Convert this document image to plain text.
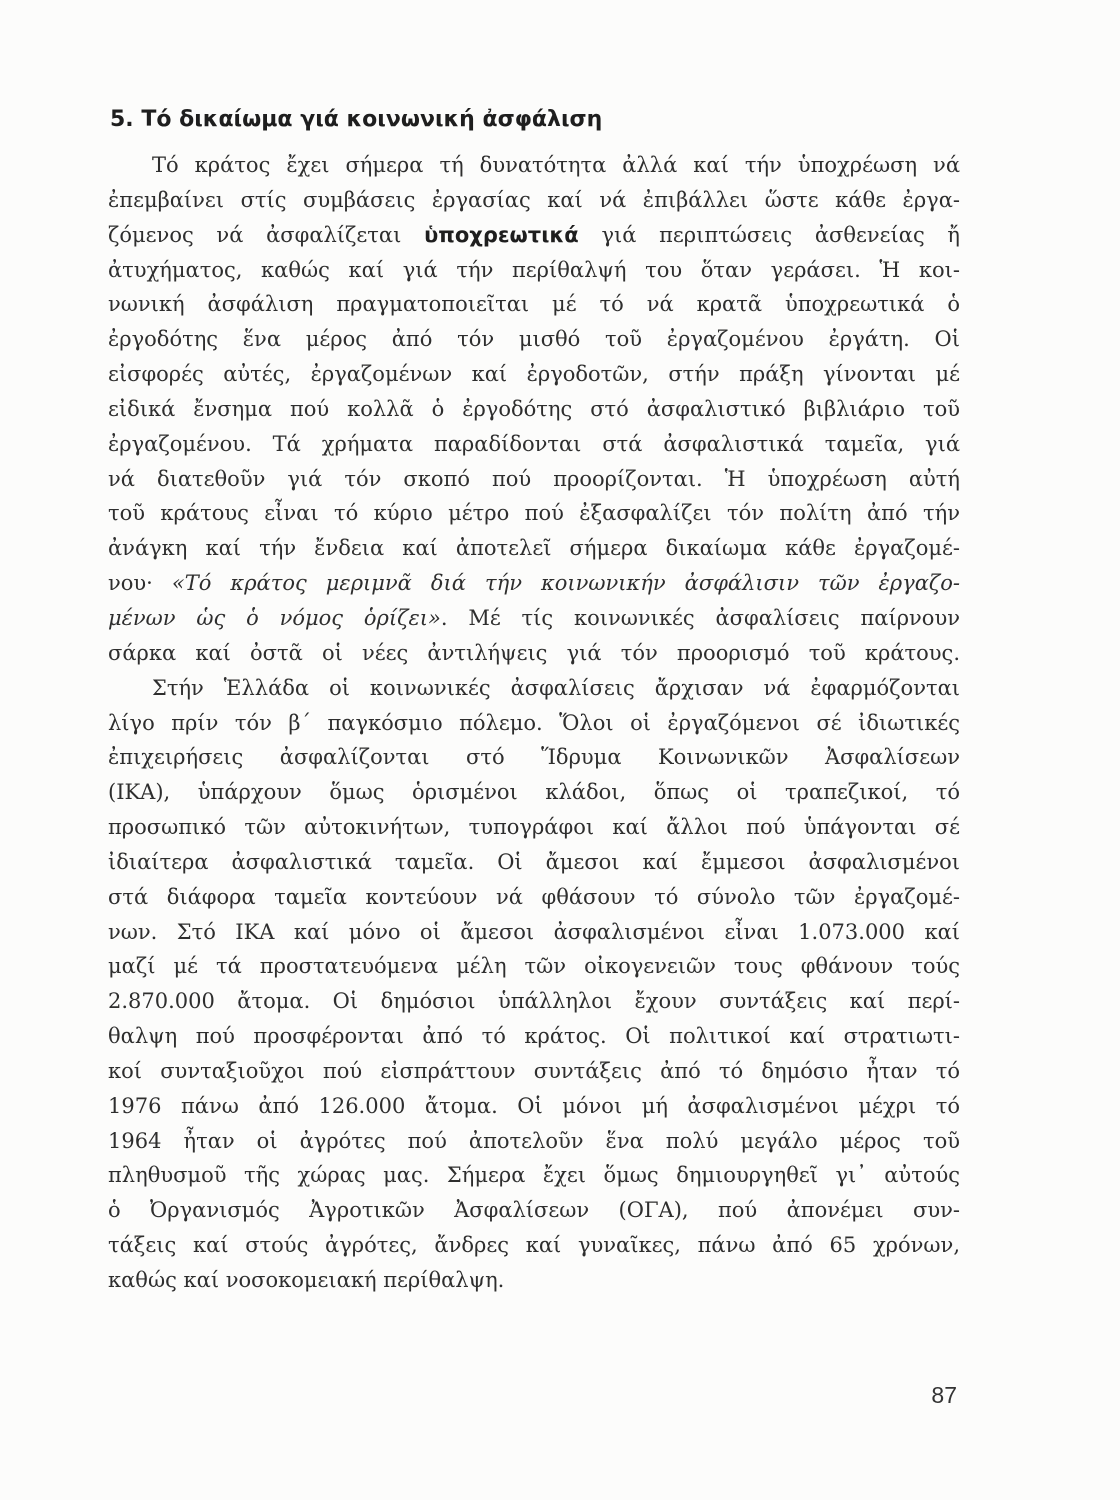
5. Τό δικαίωμα γιά κοινωνική ἀσφάλιση
Τό κράτος ἔχει σήμερα τή δυνατότητα ἀλλά καί τήν ὑποχρέωση νά
ἐπεμβαίνει στίς συμβάσεις ἐργασίας καί νά ἐπιβάλλει ὥστε κάθε ἐργα-
ζόμενος νά ἀσφαλίζεται ὑποχρεωτικά γιά περιπτώσεις ἀσθενείας ἤ
ἀτυχήματος, καθώς καί γιά τήν περίθαλψή του ὅταν γεράσει. Ἡ κοι-
νωνική ἀσφάλιση πραγματοποιεῖται μέ τό νά κρατᾶ ὑποχρεωτικά ὁ
ἐργοδότης ἕνα μέρος ἀπό τόν μισθό τοῦ ἐργαζομένου ἐργάτη. Οἱ
εἰσφορές αὐτές, ἐργαζομένων καί ἐργοδοτῶν, στήν πράξη γίνονται μέ
εἰδικά ἔνσημα πού κολλᾶ ὁ ἐργοδότης στό ἀσφαλιστικό βιβλιάριο τοῦ
ἐργαζομένου. Τά χρήματα παραδίδονται στά ἀσφαλιστικά ταμεῖα, γιά
νά διατεθοῦν γιά τόν σκοπό πού προορίζονται. Ἡ ὑποχρέωση αὐτή
τοῦ κράτους εἶναι τό κύριο μέτρο πού ἐξασφαλίζει τόν πολίτη ἀπό τήν
ἀνάγκη καί τήν ἔνδεια καί ἀποτελεῖ σήμερα δικαίωμα κάθε ἐργαζομέ-
νου· «Τό κράτος μεριμνᾶ διά τήν κοινωνικήν ἀσφάλισιν τῶν ἐργαζο-
μένων ὡς ὁ νόμος ὁρίζει». Μέ τίς κοινωνικές ἀσφαλίσεις παίρνουν
σάρκα καί ὀστᾶ οἱ νέες ἀντιλήψεις γιά τόν προορισμό τοῦ κράτους.
Στήν Ἑλλάδα οἱ κοινωνικές ἀσφαλίσεις ἄρχισαν νά ἐφαρμόζονται
λίγο πρίν τόν β΄ παγκόσμιο πόλεμο. Ὅλοι οἱ ἐργαζόμενοι σέ ἰδιωτικές
ἐπιχειρήσεις ἀσφαλίζονται στό Ἵδρυμα Κοινωνικῶν Ἀσφαλίσεων
(ΙΚΑ), ὑπάρχουν ὅμως ὁρισμένοι κλάδοι, ὅπως οἱ τραπεζικοί, τό
προσωπικό τῶν αὐτοκινήτων, τυπογράφοι καί ἄλλοι πού ὑπάγονται σέ
ἰδιαίτερα ἀσφαλιστικά ταμεῖα. Οἱ ἄμεσοι καί ἔμμεσοι ἀσφαλισμένοι
στά διάφορα ταμεῖα κοντεύουν νά φθάσουν τό σύνολο τῶν ἐργαζομέ-
νων. Στό ΙΚΑ καί μόνο οἱ ἄμεσοι ἀσφαλισμένοι εἶναι 1.073.000 καί
μαζί μέ τά προστατευόμενα μέλη τῶν οἰκογενειῶν τους φθάνουν τούς
2.870.000 ἄτομα. Οἱ δημόσιοι ὑπάλληλοι ἔχουν συντάξεις καί περί-
θαλψη πού προσφέρονται ἀπό τό κράτος. Οἱ πολιτικοί καί στρατιωτι-
κοί συνταξιοῦχοι πού εἰσπράττουν συντάξεις ἀπό τό δημόσιο ἦταν τό
1976 πάνω ἀπό 126.000 ἄτομα. Οἱ μόνοι μή ἀσφαλισμένοι μέχρι τό
1964 ἦταν οἱ ἀγρότες πού ἀποτελοῦν ἕνα πολύ μεγάλο μέρος τοῦ
πληθυσμοῦ τῆς χώρας μας. Σήμερα ἔχει ὅμως δημιουργηθεῖ γι᾽ αὐτούς
ὁ Ὀργανισμός Ἀγροτικῶν Ἀσφαλίσεων (ΟΓΑ), πού ἀπονέμει συν-
τάξεις καί στούς ἀγρότες, ἄνδρες καί γυναῖκες, πάνω ἀπό 65 χρόνων,
καθώς καί νοσοκομειακή περίθαλψη.
87
